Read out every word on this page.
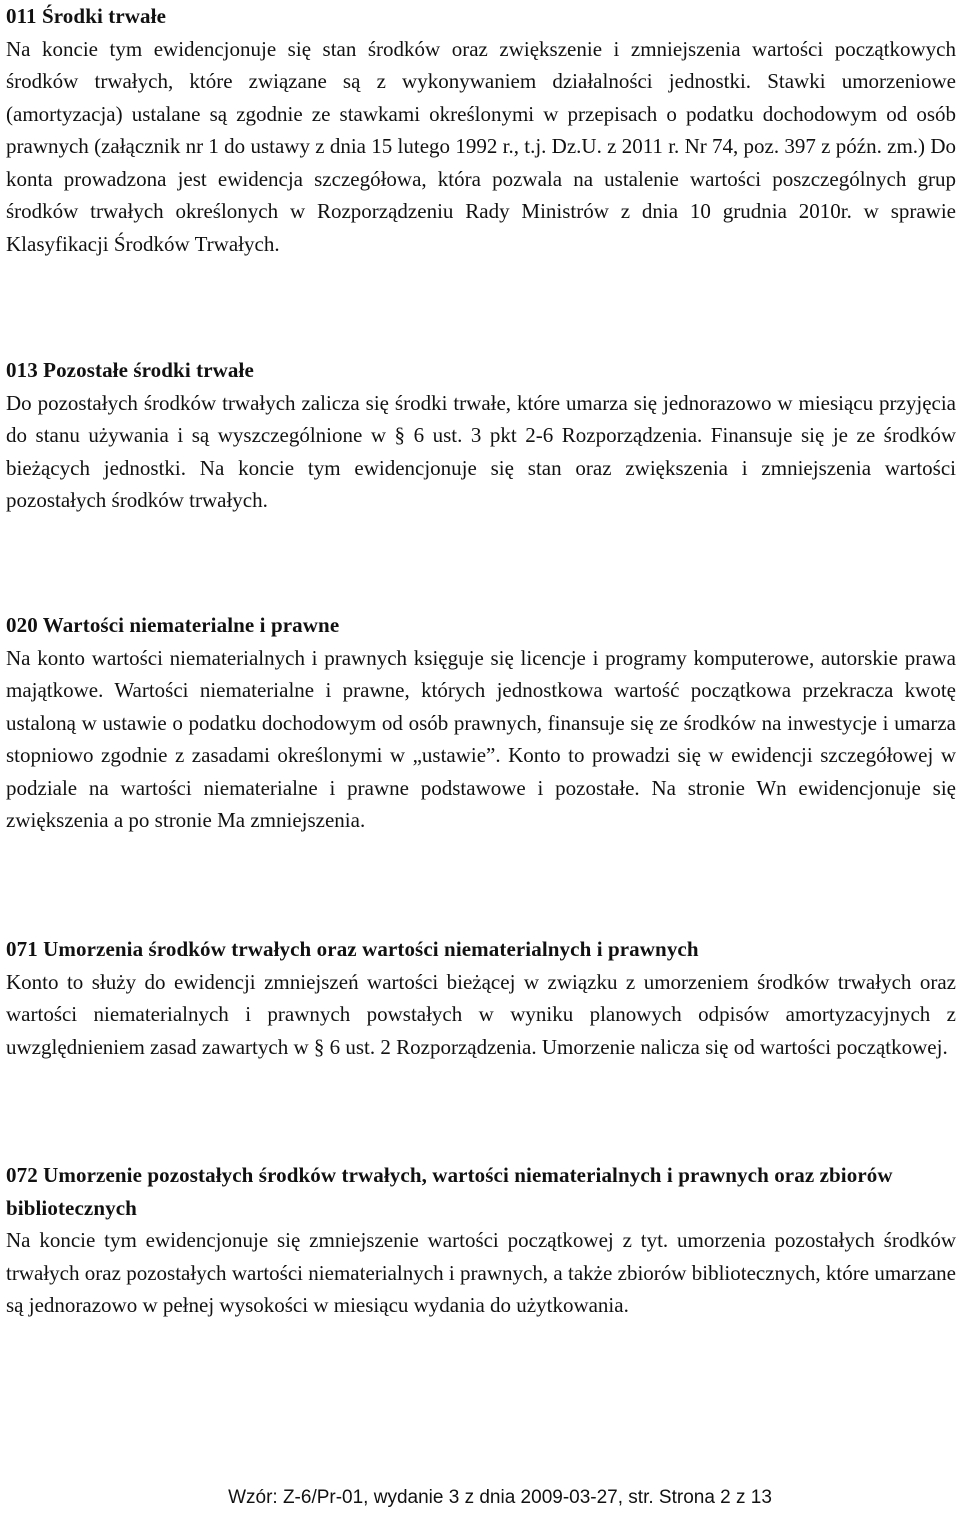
011 Środki trwałe

Na koncie tym ewidencjonuje się stan środków oraz zwiększenie i zmniejszenia wartości początkowych środków trwałych, które związane są z wykonywaniem działalności jednostki. Stawki umorzeniowe (amortyzacja) ustalane są zgodnie ze stawkami określonymi w przepisach o podatku dochodowym od osób prawnych (załącznik nr 1 do ustawy z dnia 15 lutego 1992 r., t.j. Dz.U. z 2011 r. Nr 74, poz. 397 z późn. zm.) Do konta prowadzona jest ewidencja szczegółowa, która pozwala na ustalenie wartości poszczególnych grup środków trwałych określonych w Rozporządzeniu Rady Ministrów z dnia 10 grudnia 2010r. w sprawie Klasyfikacji Środków Trwałych.

013 Pozostałe środki trwałe

Do pozostałych środków trwałych zalicza się środki trwałe, które umarza się jednorazowo w miesiącu przyjęcia do stanu używania i są wyszczególnione w § 6 ust. 3 pkt 2-6 Rozporządzenia. Finansuje się je ze środków bieżących jednostki. Na koncie tym ewidencjonuje się stan oraz zwiększenia i zmniejszenia wartości pozostałych środków trwałych.

020 Wartości niematerialne i prawne

Na konto wartości niematerialnych i prawnych księguje się licencje i programy komputerowe, autorskie prawa majątkowe. Wartości niematerialne i prawne, których jednostkowa wartość początkowa przekracza kwotę ustaloną w ustawie o podatku dochodowym od osób prawnych, finansuje się ze środków na inwestycje i umarza stopniowo zgodnie z zasadami określonymi w „ustawie”. Konto to prowadzi się w ewidencji szczegółowej w podziale na wartości niematerialne i prawne podstawowe i pozostałe. Na stronie Wn ewidencjonuje się zwiększenia a po stronie Ma zmniejszenia.

071 Umorzenia środków trwałych oraz wartości niematerialnych i prawnych

Konto to służy do ewidencji zmniejszeń wartości bieżącej w związku z umorzeniem środków trwałych oraz wartości niematerialnych i prawnych powstałych w wyniku planowych odpisów amortyzacyjnych z uwzględnieniem zasad zawartych w § 6 ust. 2 Rozporządzenia. Umorzenie nalicza się od wartości początkowej.

072 Umorzenie pozostałych środków trwałych, wartości niematerialnych i prawnych oraz zbiorów bibliotecznych

Na koncie tym ewidencjonuje się zmniejszenie wartości początkowej z tyt. umorzenia pozostałych środków trwałych oraz pozostałych wartości niematerialnych i prawnych, a także zbiorów bibliotecznych, które umarzane są jednorazowo w pełnej wysokości w miesiącu wydania do użytkowania.

Wzór: Z-6/Pr-01, wydanie 3 z dnia 2009-03-27, str. Strona 2 z 13
